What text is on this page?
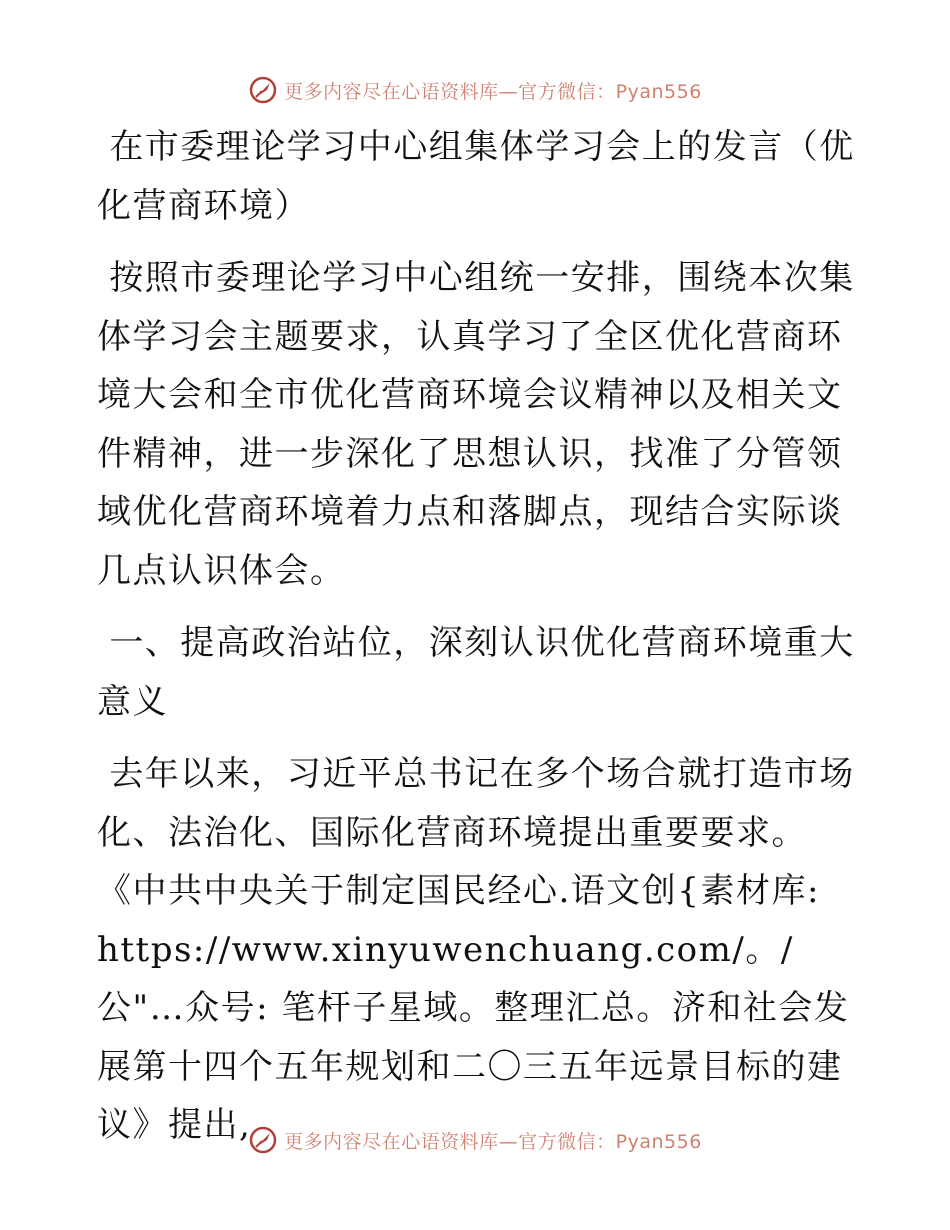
更多内容尽在心语资料库—官方微信：Pyan556

在市委理论学习中心组集体学习会上的发言（优化营商环境）

按照市委理论学习中心组统一安排，围绕本次集体学习会主题要求，认真学习了全区优化营商环境大会和全市优化营商环境会议精神以及相关文件精神，进一步深化了思想认识，找准了分管领域优化营商环境着力点和落脚点，现结合实际谈几点认识体会。

一、提高政治站位，深刻认识优化营商环境重大意义

去年以来，习近平总书记在多个场合就打造市场化、法治化、国际化营商环境提出重要要求。《中共中央关于制定国民经心.语文创{素材库:
https://www.xinyuwenchuang.com/。/公"…众号: 笔杆子星域。整理汇总。济和社会发展第十四个五年规划和二〇三五年远景目标的建议》提出,	更多内容尽在心语资料库—官方微信：Pyan556
